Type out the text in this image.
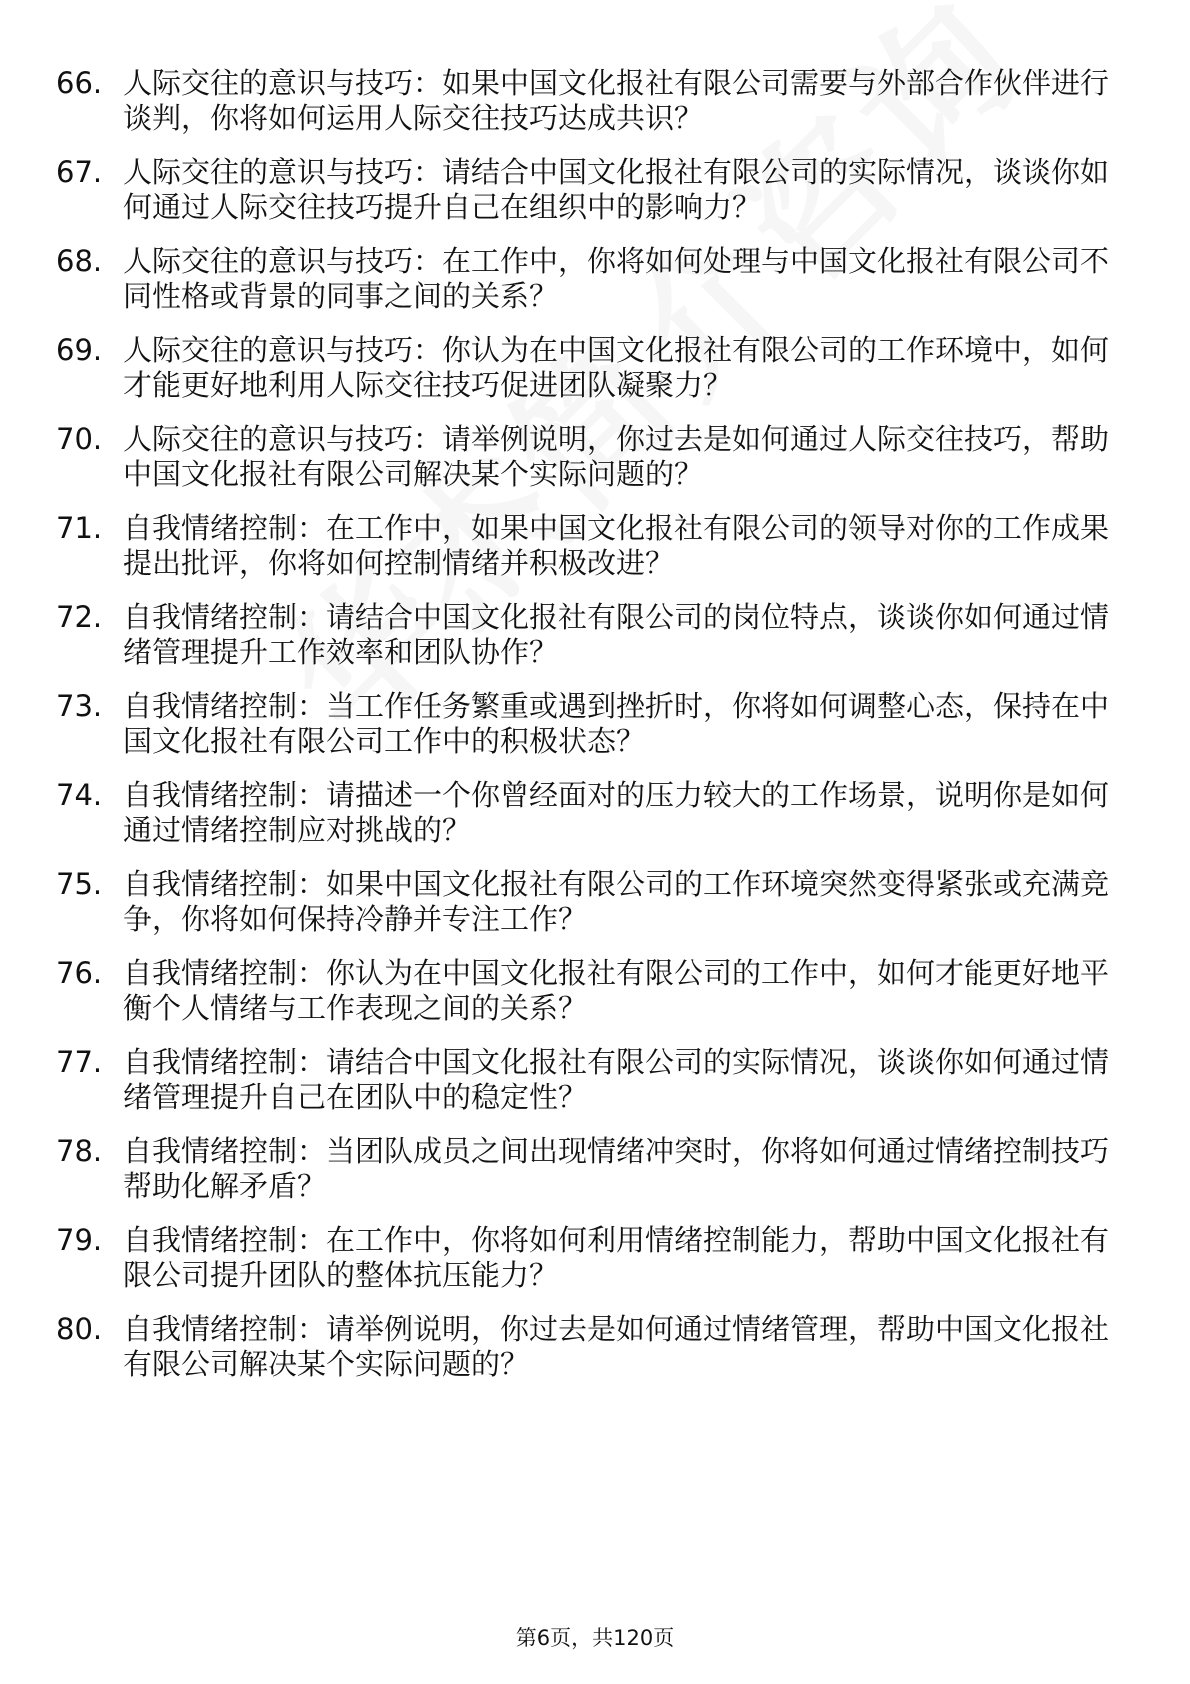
66. 人际交往的意识与技巧：如果中国文化报社有限公司需要与外部合作伙伴进行谈判，你将如何运用人际交往技巧达成共识？
67. 人际交往的意识与技巧：请结合中国文化报社有限公司的实际情况，谈谈你如何通过人际交往技巧提升自己在组织中的影响力？
68. 人际交往的意识与技巧：在工作中，你将如何处理与中国文化报社有限公司不同性格或背景的同事之间的关系？
69. 人际交往的意识与技巧：你认为在中国文化报社有限公司的工作环境中，如何才能更好地利用人际交往技巧促进团队凝聚力？
70. 人际交往的意识与技巧：请举例说明，你过去是如何通过人际交往技巧，帮助中国文化报社有限公司解决某个实际问题的？
71. 自我情绪控制：在工作中，如果中国文化报社有限公司的领导对你的工作成果提出批评，你将如何控制情绪并积极改进？
72. 自我情绪控制：请结合中国文化报社有限公司的岗位特点，谈谈你如何通过情绪管理提升工作效率和团队协作？
73. 自我情绪控制：当工作任务繁重或遇到挫折时，你将如何调整心态，保持在中国文化报社有限公司工作中的积极状态？
74. 自我情绪控制：请描述一个你曾经面对的压力较大的工作场景，说明你是如何通过情绪控制应对挑战的？
75. 自我情绪控制：如果中国文化报社有限公司的工作环境突然变得紧张或充满竞争，你将如何保持冷静并专注工作？
76. 自我情绪控制：你认为在中国文化报社有限公司的工作中，如何才能更好地平衡个人情绪与工作表现之间的关系？
77. 自我情绪控制：请结合中国文化报社有限公司的实际情况，谈谈你如何通过情绪管理提升自己在团队中的稳定性？
78. 自我情绪控制：当团队成员之间出现情绪冲突时，你将如何通过情绪控制技巧帮助化解矛盾？
79. 自我情绪控制：在工作中，你将如何利用情绪控制能力，帮助中国文化报社有限公司提升团队的整体抗压能力？
80. 自我情绪控制：请举例说明，你过去是如何通过情绪管理，帮助中国文化报社有限公司解决某个实际问题的？
第6页，共120页
